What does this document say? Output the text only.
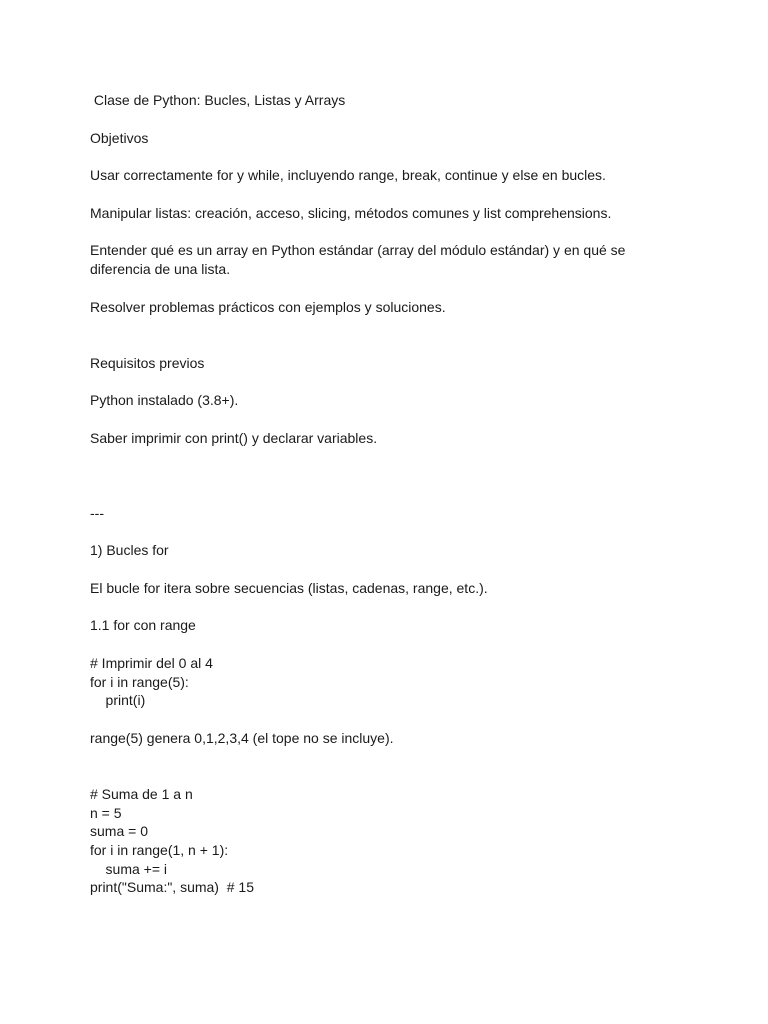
Clase de Python: Bucles, Listas y Arrays
Objetivos
Usar correctamente for y while, incluyendo range, break, continue y else en bucles.
Manipular listas: creación, acceso, slicing, métodos comunes y list comprehensions.
Entender qué es un array en Python estándar (array del módulo estándar) y en qué se diferencia de una lista.
Resolver problemas prácticos con ejemplos y soluciones.
Requisitos previos
Python instalado (3.8+).
Saber imprimir con print() y declarar variables.
---
1) Bucles for
El bucle for itera sobre secuencias (listas, cadenas, range, etc.).
1.1 for con range
# Imprimir del 0 al 4
for i in range(5):
print(i)
range(5) genera 0,1,2,3,4 (el tope no se incluye).
# Suma de 1 a n
n = 5
suma = 0
for i in range(1, n + 1):
suma += i
print("Suma:", suma)  # 15
